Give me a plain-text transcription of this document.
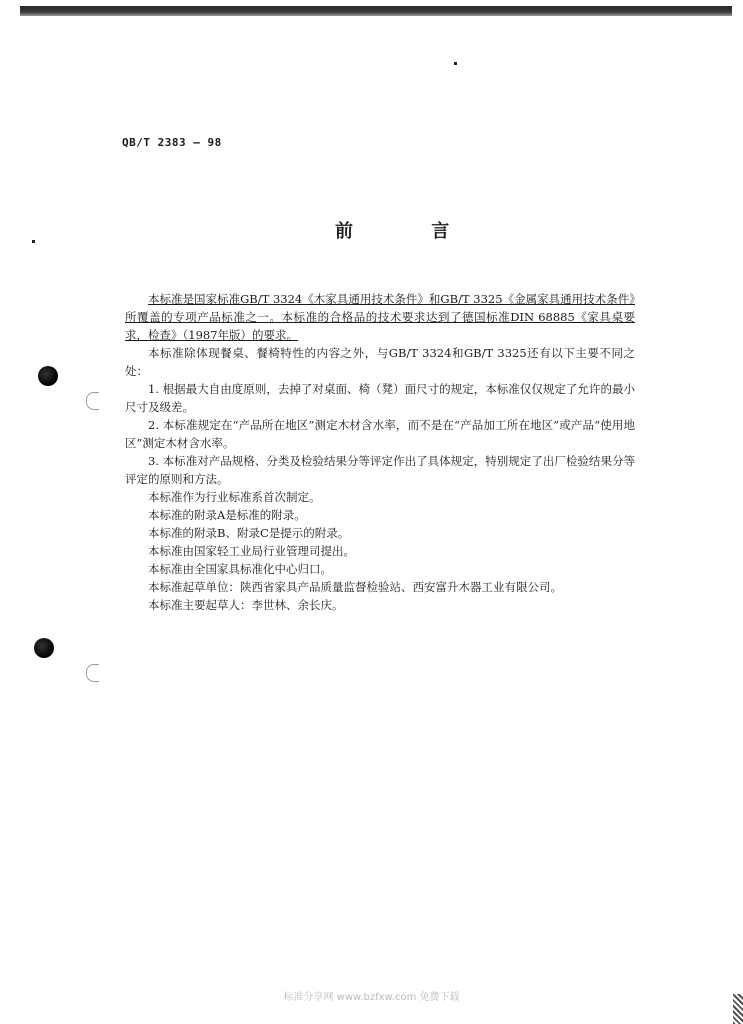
QB/T 2383 — 98
前 言

本标准是国家标准GB/T 3324《木家具通用技术条件》和GB/T 3325《金属家具通用技术条件》所覆盖的专项产品标准之一。本标准的合格品的技术要求达到了德国标准DIN 68885《家具桌要求，检查》（1987年版）的要求。

本标准除体现餐桌、餐椅特性的内容之外，与GB/T 3324和GB/T 3325还有以下主要不同之处：

1. 根据最大自由度原则，去掉了对桌面、椅（凳）面尺寸的规定，本标准仅仅规定了允许的最小尺寸及级差。

2. 本标准规定在“产品所在地区”测定木材含水率，而不是在“产品加工所在地区”或产品“使用地区”测定木材含水率。

3. 本标准对产品规格、分类及检验结果分等评定作出了具体规定，特别规定了出厂检验结果分等评定的原则和方法。

本标准作为行业标准系首次制定。

本标准的附录A是标准的附录。

本标准的附录B、附录C是提示的附录。

本标准由国家轻工业局行业管理司提出。

本标准由全国家具标准化中心归口。

本标准起草单位：陕西省家具产品质量监督检验站、西安富升木器工业有限公司。

本标准主要起草人：李世林、余长庆。

标准分享网 www.bzfxw.com 免费下载
